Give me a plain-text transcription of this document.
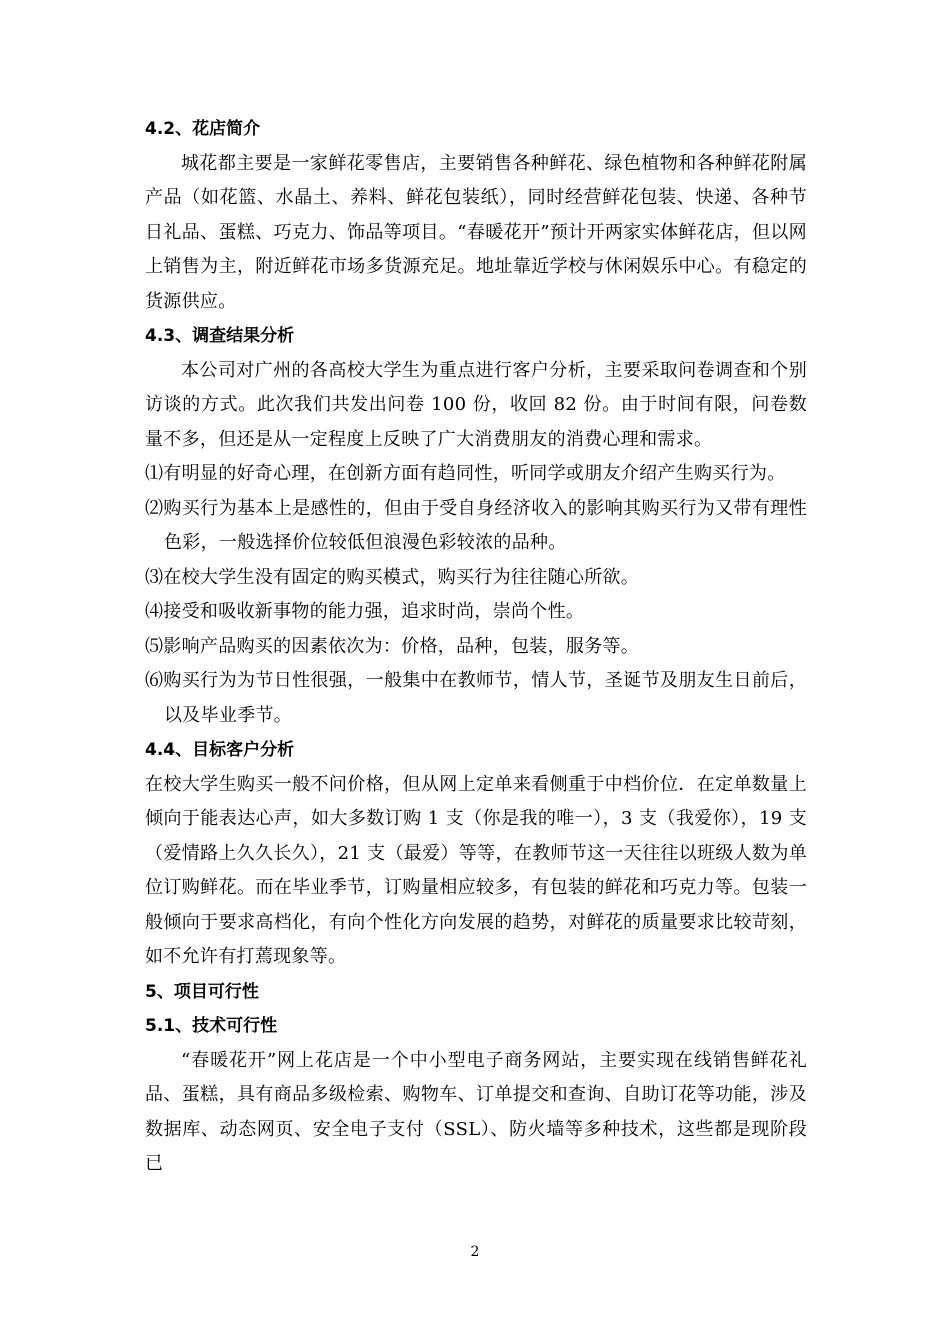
4.2、花店简介

城花都主要是一家鲜花零售店，主要销售各种鲜花、绿色植物和各种鲜花附属产品（如花篮、水晶土、养料、鲜花包装纸），同时经营鲜花包装、快递、各种节日礼品、蛋糕、巧克力、饰品等项目。“春暖花开”预计开两家实体鲜花店，但以网上销售为主，附近鲜花市场多货源充足。地址靠近学校与休闲娱乐中心。有稳定的货源供应。

4.3、调查结果分析

本公司对广州的各高校大学生为重点进行客户分析，主要采取问卷调查和个别访谈的方式。此次我们共发出问卷 100 份，收回 82 份。由于时间有限，问卷数量不多，但还是从一定程度上反映了广大消费朋友的消费心理和需求。

⑴有明显的好奇心理，在创新方面有趋同性，听同学或朋友介绍产生购买行为。

⑵购买行为基本上是感性的，但由于受自身经济收入的影响其购买行为又带有理性色彩，一般选择价位较低但浪漫色彩较浓的品种。

⑶在校大学生没有固定的购买模式，购买行为往往随心所欲。

⑷接受和吸收新事物的能力强，追求时尚，崇尚个性。

⑸影响产品购买的因素依次为：价格，品种，包装，服务等。

⑹购买行为为节日性很强，一般集中在教师节，情人节，圣诞节及朋友生日前后， 以及毕业季节。

4.4、目标客户分析

在校大学生购买一般不问价格，但从网上定单来看侧重于中档价位．在定单数量上倾向于能表达心声，如大多数订购 1 支（你是我的唯一），3 支（我爱你），19 支（爱情路上久久长久），21 支（最爱）等等，在教师节这一天往往以班级人数为单位订购鲜花。而在毕业季节，订购量相应较多，有包装的鲜花和巧克力等。包装一般倾向于要求高档化，有向个性化方向发展的趋势，对鲜花的质量要求比较苛刻，如不允许有打蔫现象等。

5、项目可行性
5.1、技术可行性

“春暖花开”网上花店是一个中小型电子商务网站，主要实现在线销售鲜花礼品、蛋糕，具有商品多级检索、购物车、订单提交和查询、自助订花等功能，涉及数据库、动态网页、安全电子支付（SSL）、防火墙等多种技术，这些都是现阶段已

2
